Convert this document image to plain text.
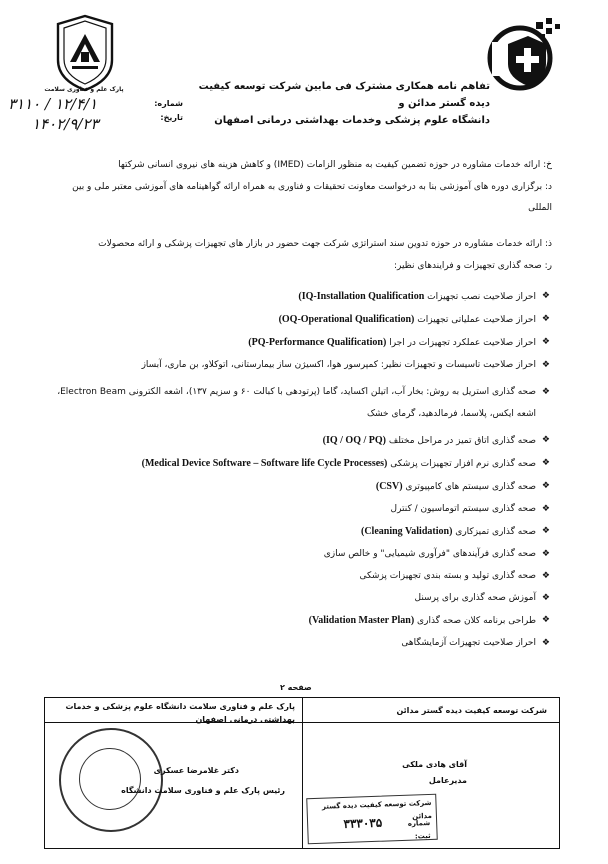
پارک علم و فناوری سلامت	تفاهم نامه همکاری مشترک فی مابین شرکت توسعه کیفیت دیده گستر مدائن و
دانشگاه علوم پزشکی وخدمات بهداشتی درمانی اصفهان
شماره:
تاریخ:
۳۱۱۰ / ۱۲/۴/۱
۱۴۰۲/۹/۲۳
خ: ارائه خدمات مشاوره در حوزه تضمین کیفیت به منظور الزامات (IMED) و کاهش هزینه های نیروی انسانی شرکتها
د: برگزاری دوره های آموزشی بنا به درخواست معاونت تحقیقات و فناوری به همراه ارائه گواهینامه های آموزشی معتبر ملی و بین المللی
ذ: ارائه خدمات مشاوره در حوزه تدوین سند استراتژی شرکت جهت حضور در بازار های تجهیزات پزشکی و ارائه محصولات
ر: صحه گذاری تجهیزات و فرایندهای نظیر:
❖
احراز صلاحیت نصب تجهیزات (IQ-Installation Qualification
❖
احراز صلاحیت عملیاتی تجهیزات (OQ-Operational Qualification)
❖
احراز صلاحیت عملکرد تجهیزات در اجرا (PQ-Performance Qualification)
❖
احراز صلاحیت تاسیسات و تجهیزات نظیر: کمپرسور هوا، اکسیژن ساز بیمارستانی، اتوکلاو، بن ماری، آبساز
❖
صحه گذاری استریل به روش: بخار آب، اتیلن اکساید، گاما (پرتودهی با کبالت ۶۰ و سزیم ۱۳۷)، اشعه الکترونی Electron Beam، اشعه ایکس، پلاسما، فرمالدهید، گرمای خشک
❖
صحه گذاری اتاق تمیز در مراحل مختلف (IQ / OQ / PQ)
❖
صحه گذاری نرم افزار تجهیزات پزشکی (Medical Device Software – Software life Cycle Processes)
❖
صحه گذاری سیستم های کامپیوتری (CSV)
❖
صحه گذاری سیستم اتوماسیون / کنترل
❖
صحه گذاری تمیزکاری (Cleaning Validation)
❖
صحه گذاری فرآیندهای "فرآوری شیمیایی" و خالص سازی
❖
صحه گذاری تولید و بسته بندی تجهیزات پزشکی
❖
آموزش صحه گذاری برای پرسنل
❖
طراحی برنامه کلان صحه گذاری (Validation Master Plan)
❖
احراز صلاحیت تجهیزات آزمایشگاهی
صفحه ۲
پارک علم و فناوری سلامت دانشگاه علوم پزشکی و خدمات بهداشتی درمانی اصفهان
شرکت توسعه کیفیت دیده گستر مدائن
دکتر غلامرضا عسکری
رئیس پارک علم و فناوری سلامت دانشگاه
آقای هادی ملکی
مدیرعامل
شرکت توسعه کیفیت دیده گستر مدائن
شماره ثبت:
۳۳۳۰۳۵
